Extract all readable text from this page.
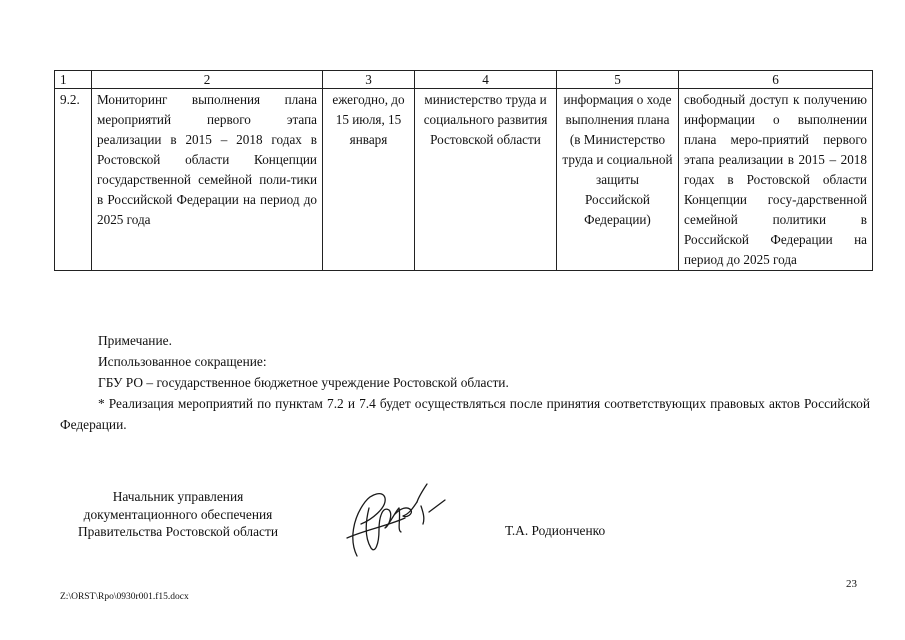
1	2	3	4	5	6
9.2.	Мониторинг выполнения плана мероприятий первого этапа реализации в 2015 – 2018 годах в Ростовской области Концепции государственной семейной поли-тики в Российской Федерации на период до 2025 года	ежегодно, до 15 июля, 15 января	министерство труда и социального развития Ростовской области	информация о ходе выполнения плана (в Министерство труда и социальной защиты Российской Федерации)	свободный доступ к получению информации о выполнении плана меро-приятий первого этапа реализации в 2015 – 2018 годах в Ростовской области Концепции госу-дарственной семейной политики в Российской Федерации на период до 2025 года

Примечание.

Использованное сокращение:

ГБУ РО – государственное бюджетное учреждение Ростовской области.

* Реализация мероприятий по пунктам 7.2 и 7.4 будет осуществляться после принятия соответствующих правовых актов Российской Федерации.

Начальник управления
документационного обеспечения
Правительства Ростовской области	Т.А. Родионченко
23
Z:\ORST\Rpo\0930r001.f15.docx
